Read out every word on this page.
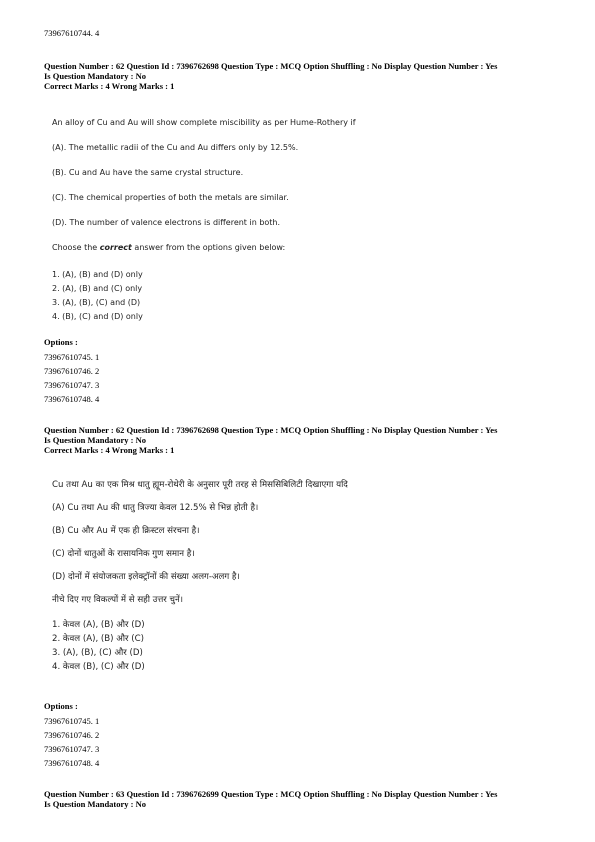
73967610744. 4

Question Number : 62 Question Id : 7396762698 Question Type : MCQ Option Shuffling : No Display Question Number : Yes

Is Question Mandatory : No

Correct Marks : 4 Wrong Marks : 1

An alloy of Cu and Au will show complete miscibility as per Hume-Rothery if

(A). The metallic radii of the Cu and Au differs only by 12.5%.

(B). Cu and Au have the same crystal structure.

(C). The chemical properties of both the metals are similar.

(D). The number of valence electrons is different in both.

Choose the correct answer from the options given below:

1. (A), (B) and (D) only
2. (A), (B) and (C) only
3. (A), (B), (C) and (D)
4. (B), (C) and (D) only

Options :

73967610745. 1

73967610746. 2

73967610747. 3

73967610748. 4

Question Number : 62 Question Id : 7396762698 Question Type : MCQ Option Shuffling : No Display Question Number : Yes

Is Question Mandatory : No

Correct Marks : 4 Wrong Marks : 1

Cu तथा Au का एक मिश्र धातु ह्यूम-रोथेरी के अनुसार पूरी तरह से मिससिबिलिटी दिखाएगा यदि

(A) Cu तथा Au की धातु त्रिज्या केवल 12.5% से भिन्न होती है।

(B) Cu और Au में एक ही क्रिस्टल संरचना है।

(C) दोनों धातुओं के रासायनिक गुण समान है।

(D) दोनों में संयोजकता इलेक्ट्रॉनों की संख्या अलग-अलग है।

नीचे दिए गए विकल्पों में से सही उत्तर चुनें।

1. केवल (A), (B) और (D)
2. केवल (A), (B) और (C)
3. (A), (B), (C) और (D)
4. केवल (B), (C) और (D)

Options :

73967610745. 1

73967610746. 2

73967610747. 3

73967610748. 4

Question Number : 63 Question Id : 7396762699 Question Type : MCQ Option Shuffling : No Display Question Number : Yes

Is Question Mandatory : No
